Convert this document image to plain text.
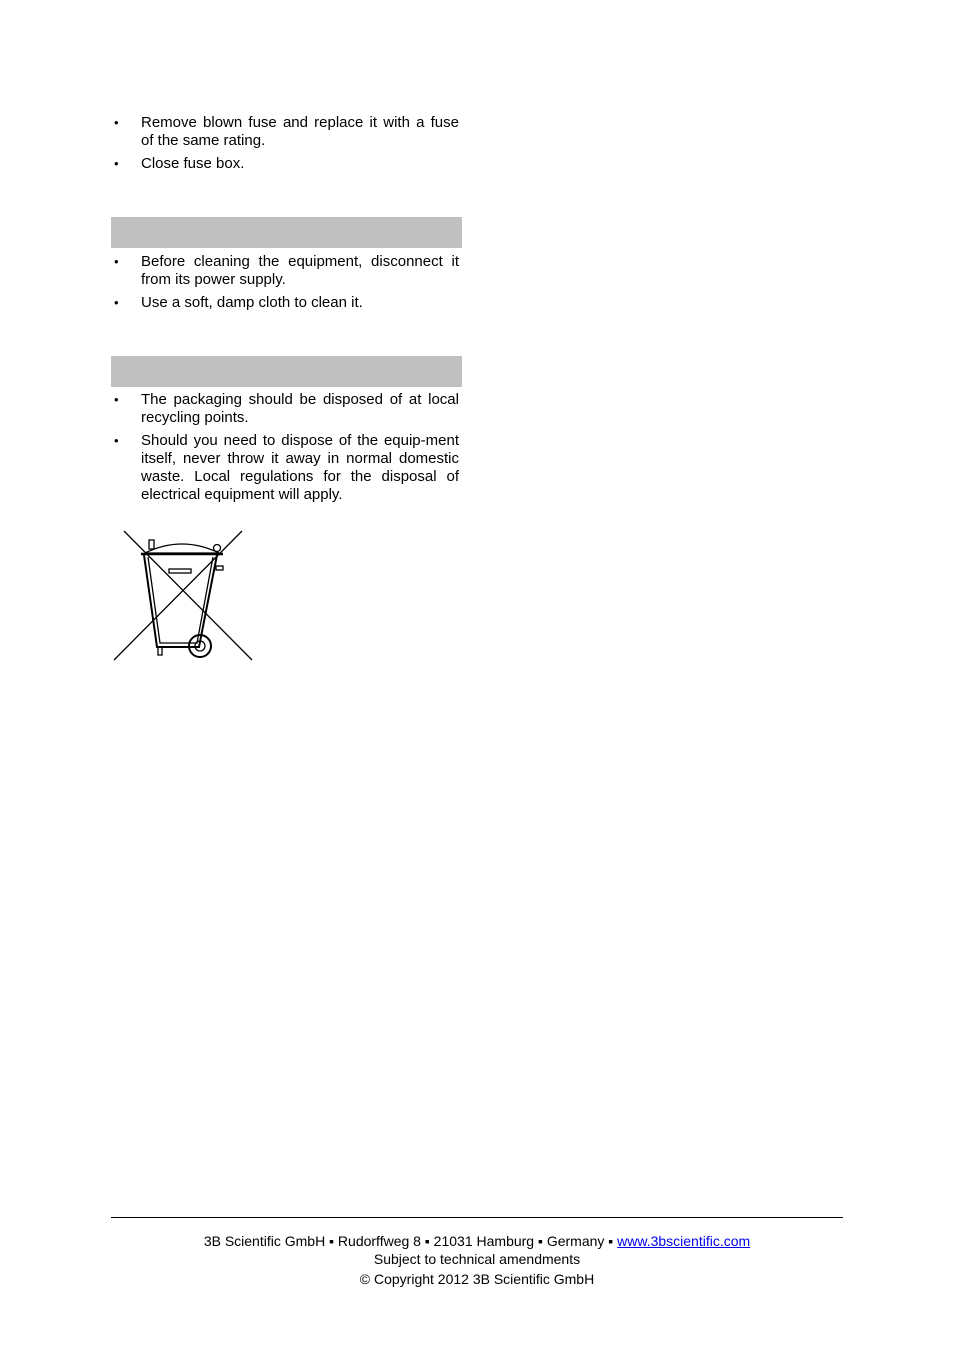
• Remove blown fuse and replace it with a fuse of the same rating.
• Close fuse box.
• Before cleaning the equipment, disconnect it from its power supply.
• Use a soft, damp cloth to clean it.
• The packaging should be disposed of at local recycling points.
• Should you need to dispose of the equip-ment itself, never throw it away in normal domestic waste. Local regulations for the disposal of electrical equipment will apply.
3B Scientific GmbH ▪ Rudorffweg 8 ▪ 21031 Hamburg ▪ Germany ▪ www.3bscientific.com
Subject to technical amendments
© Copyright 2012 3B Scientific GmbH
